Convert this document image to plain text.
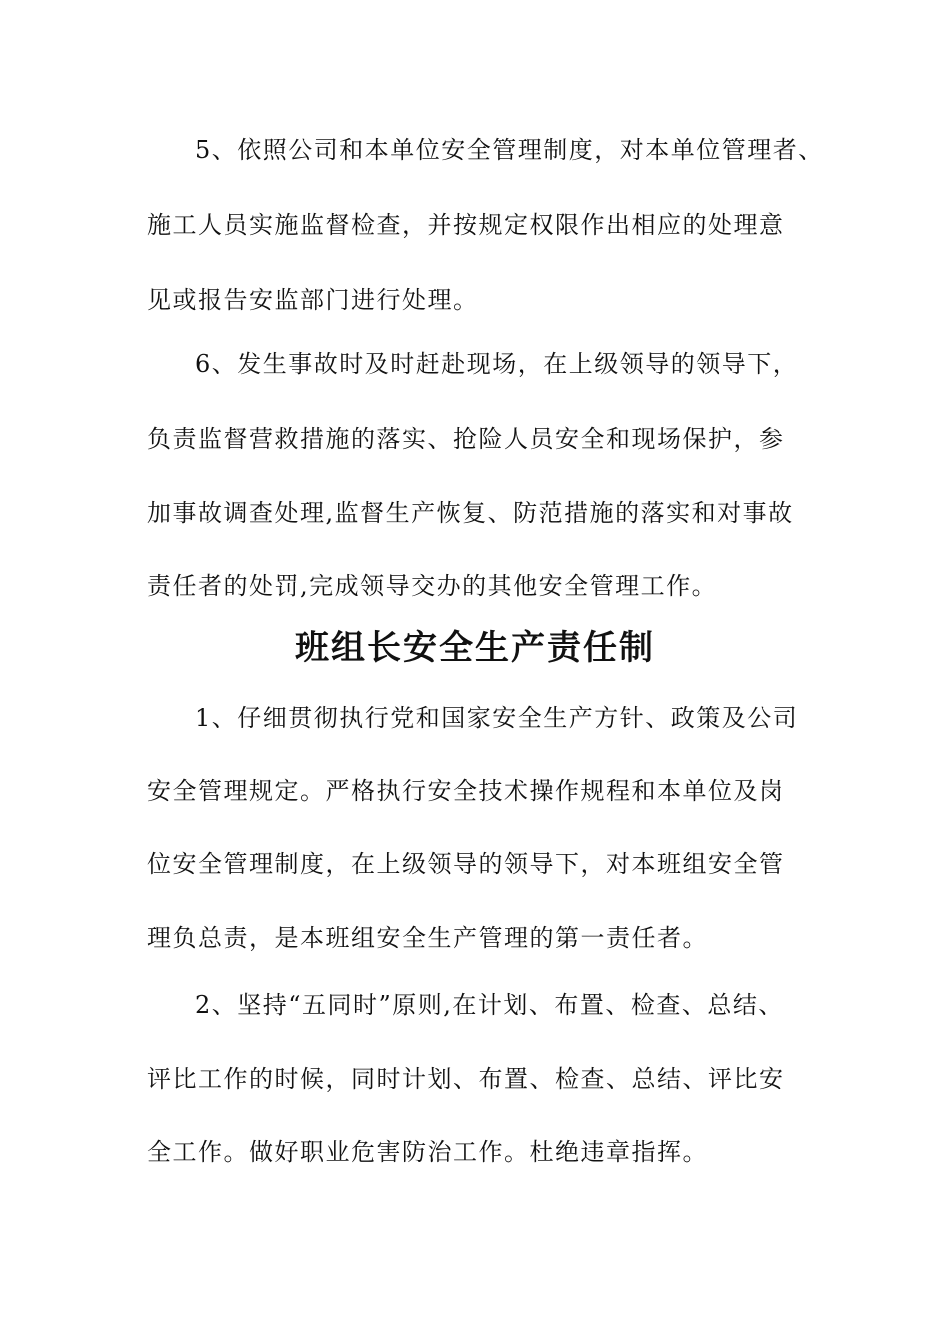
5、依照公司和本单位安全管理制度，对本单位管理者、
施工人员实施监督检查，并按规定权限作出相应的处理意
见或报告安监部门进行处理。
6、发生事故时及时赶赴现场，在上级领导的领导下，
负责监督营救措施的落实、抢险人员安全和现场保护，参
加事故调查处理,监督生产恢复、防范措施的落实和对事故
责任者的处罚,完成领导交办的其他安全管理工作。
班组长安全生产责任制
1、仔细贯彻执行党和国家安全生产方针、政策及公司
安全管理规定。严格执行安全技术操作规程和本单位及岗
位安全管理制度，在上级领导的领导下，对本班组安全管
理负总责，是本班组安全生产管理的第一责任者。
2、坚持“五同时”原则,在计划、布置、检查、总结、
评比工作的时候，同时计划、布置、检查、总结、评比安
全工作。做好职业危害防治工作。杜绝违章指挥。
